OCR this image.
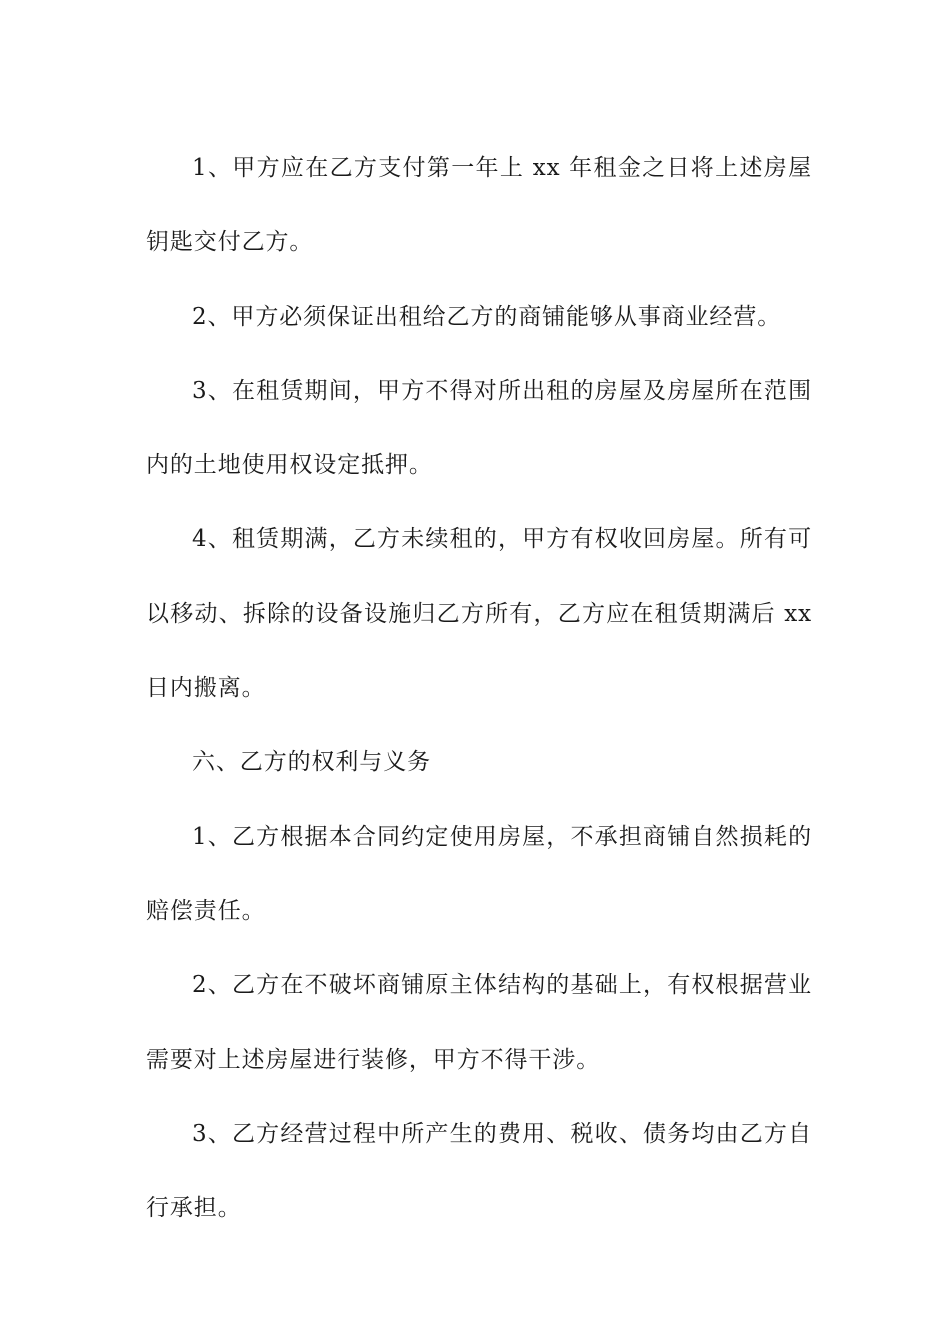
1、甲方应在乙方支付第一年上 xx 年租金之日将上述房屋钥匙交付乙方。

2、甲方必须保证出租给乙方的商铺能够从事商业经营。

3、在租赁期间，甲方不得对所出租的房屋及房屋所在范围内的土地使用权设定抵押。

4、租赁期满，乙方未续租的，甲方有权收回房屋。所有可以移动、拆除的设备设施归乙方所有，乙方应在租赁期满后 xx 日内搬离。

六、乙方的权利与义务

1、乙方根据本合同约定使用房屋，不承担商铺自然损耗的赔偿责任。

2、乙方在不破坏商铺原主体结构的基础上，有权根据营业需要对上述房屋进行装修，甲方不得干涉。

3、乙方经营过程中所产生的费用、税收、债务均由乙方自行承担。
